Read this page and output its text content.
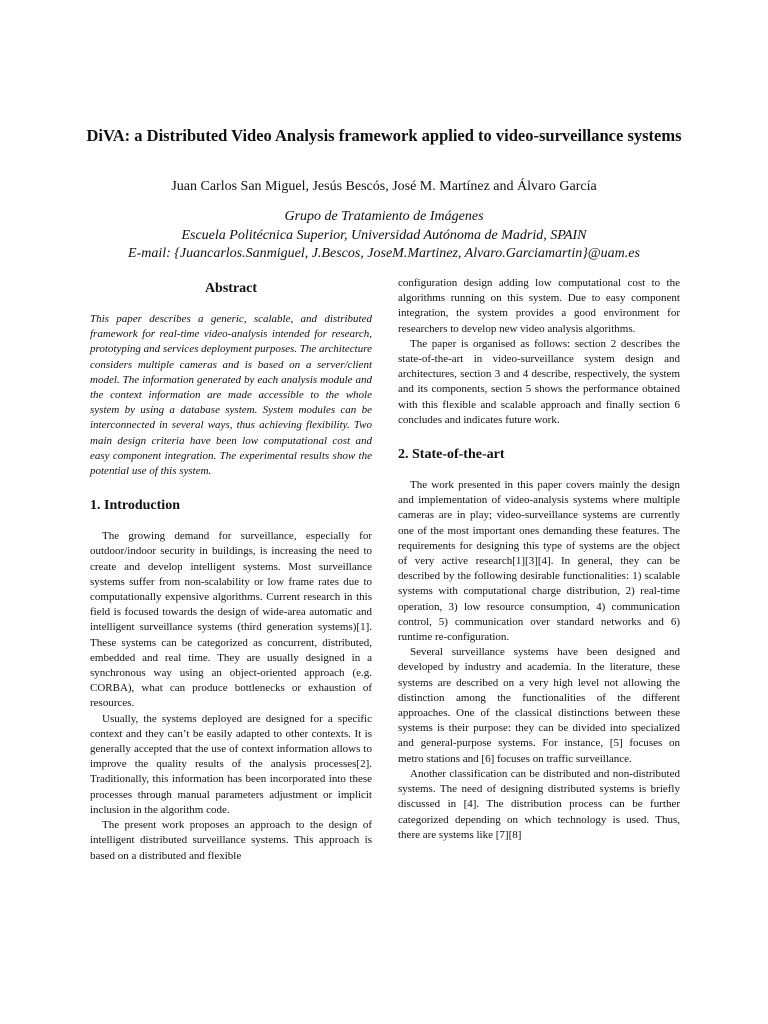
DiVA: a Distributed Video Analysis framework applied to video-surveillance systems
Juan Carlos San Miguel, Jesús Bescós, José M. Martínez and Álvaro García
Grupo de Tratamiento de Imágenes
Escuela Politécnica Superior, Universidad Autónoma de Madrid, SPAIN
E-mail: {Juancarlos.Sanmiguel, J.Bescos, JoseM.Martinez, Alvaro.Garciamartin}@uam.es
Abstract

This paper describes a generic, scalable, and distributed framework for real-time video-analysis intended for research, prototyping and services deployment purposes. The architecture considers multiple cameras and is based on a server/client model. The information generated by each analysis module and the context information are made accessible to the whole system by using a database system. System modules can be interconnected in several ways, thus achieving flexibility. Two main design criteria have been low computational cost and easy component integration. The experimental results show the potential use of this system.

1. Introduction

The growing demand for surveillance, especially for outdoor/indoor security in buildings, is increasing the need to create and develop intelligent systems. Most surveillance systems suffer from non-scalability or low frame rates due to computationally expensive algorithms. Current research in this field is focused towards the design of wide-area automatic and intelligent surveillance systems (third generation systems)[1]. These systems can be categorized as concurrent, distributed, embedded and real time. They are usually designed in a synchronous way using an object-oriented approach (e.g. CORBA), what can produce bottlenecks or exhaustion of resources.

Usually, the systems deployed are designed for a specific context and they can’t be easily adapted to other contexts. It is generally accepted that the use of context information allows to improve the quality results of the analysis processes[2]. Traditionally, this information has been incorporated into these processes through manual parameters adjustment or implicit inclusion in the algorithm code.

The present work proposes an approach to the design of intelligent distributed surveillance systems. This approach is based on a distributed and flexible

configuration design adding low computational cost to the algorithms running on this system. Due to easy component integration, the system provides a good environment for researchers to develop new video analysis algorithms.

The paper is organised as follows: section 2 describes the state-of-the-art in video-surveillance system design and architectures, section 3 and 4 describe, respectively, the system and its components, section 5 shows the performance obtained with this flexible and scalable approach and finally section 6 concludes and indicates future work.

2. State-of-the-art

The work presented in this paper covers mainly the design and implementation of video-analysis systems where multiple cameras are in play; video-surveillance systems are currently one of the most important ones demanding these features. The requirements for designing this type of systems are the object of very active research[1][3][4]. In general, they can be described by the following desirable functionalities: 1) scalable systems with computational charge distribution, 2) real-time operation, 3) low resource consumption, 4) communication control, 5) communication over standard networks and 6) runtime re-configuration.

Several surveillance systems have been designed and developed by industry and academia. In the literature, these systems are described on a very high level not allowing the distinction among the functionalities of the different approaches. One of the classical distinctions between these systems is their purpose: they can be divided into specialized and general-purpose systems. For instance, [5] focuses on metro stations and [6] focuses on traffic surveillance.

Another classification can be distributed and non-distributed systems. The need of designing distributed systems is briefly discussed in [4]. The distribution process can be further categorized depending on which technology is used. Thus, there are systems like [7][8]
